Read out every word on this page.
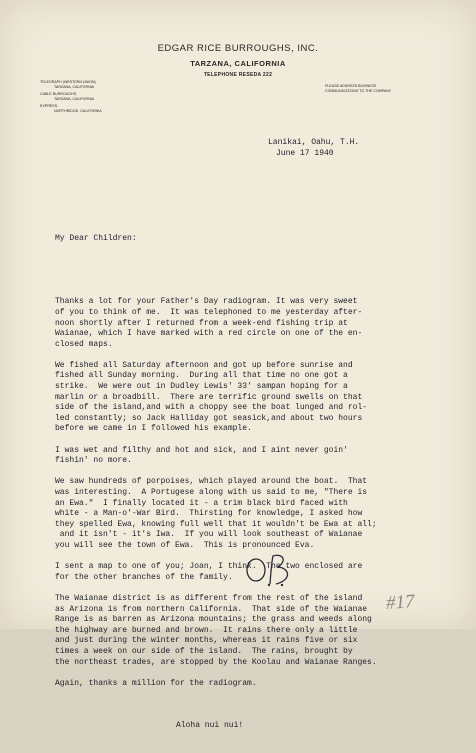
EDGAR RICE BURROUGHS, INC.
TARZANA, CALIFORNIA
TELEPHONE RESEDA 222
TELEGRAPH (WESTERN UNION)
TARZANA, CALIFORNIA
CABLE BURROUGHS,
TARZANA, CALIFORNIA
EXPRESS:
NORTHRIDGE, CALIFORNIA
PLEASE ADDRESS BUSINESS
COMMUNICATIONS TO THE COMPANY
Lanikai, Oahu, T.H.
June 17 1940

My Dear Children:

Thanks a lot for your Father's Day radiogram. It was very sweet
of you to think of me.  It was telephoned to me yesterday after-
noon shortly after I returned from a week-end fishing trip at
Waianae, which I have marked with a red circle on one of the en-
closed maps.
We fished all Saturday afternoon and got up before sunrise and
fished all Sunday morning.  During all that time no one got a
strike.  We were out in Dudley Lewis' 33' sampan hoping for a
marlin or a broadbill.  There are terrific ground swells on that
side of the island,and with a choppy see the boat lunged and rol-
led constantly; so Jack Halliday got seasick,and about two hours
before we came in I followed his example.
I was wet and filthy and hot and sick, and I aint never goin'
fishin' no more.
We saw hundreds of porpoises, which played around the boat.  That
was interesting.  A Portugese along with us said to me, "There is
an Ewa."  I finally located it - a trim black bird faced with
white - a Man-o'-War Bird.  Thirsting for knowledge, I asked how
they spelled Ewa, knowing full well that it wouldn't be Ewa at all;
and it isn't - it's Iwa.  If you will look southeast of Waianae
you will see the town of Ewa.  This is pronounced Eva.
I sent a map to one of you; Joan, I think.  The two enclosed are
for the other branches of the family.
The Waianae district is as different from the rest of the island
as Arizona is from northern California.  That side of the Waianae
Range is as barren as Arizona mountains; the grass and weeds along
the highway are burned and brown.  It rains there only a little
and just during the winter months, whereas it rains five or six
times a week on our side of the island.  The rains, brought by
the northeast trades, are stopped by the Koolau and Waianae Ranges.
Again, thanks a million for the radiogram.

Aloha nui nui!

#17
